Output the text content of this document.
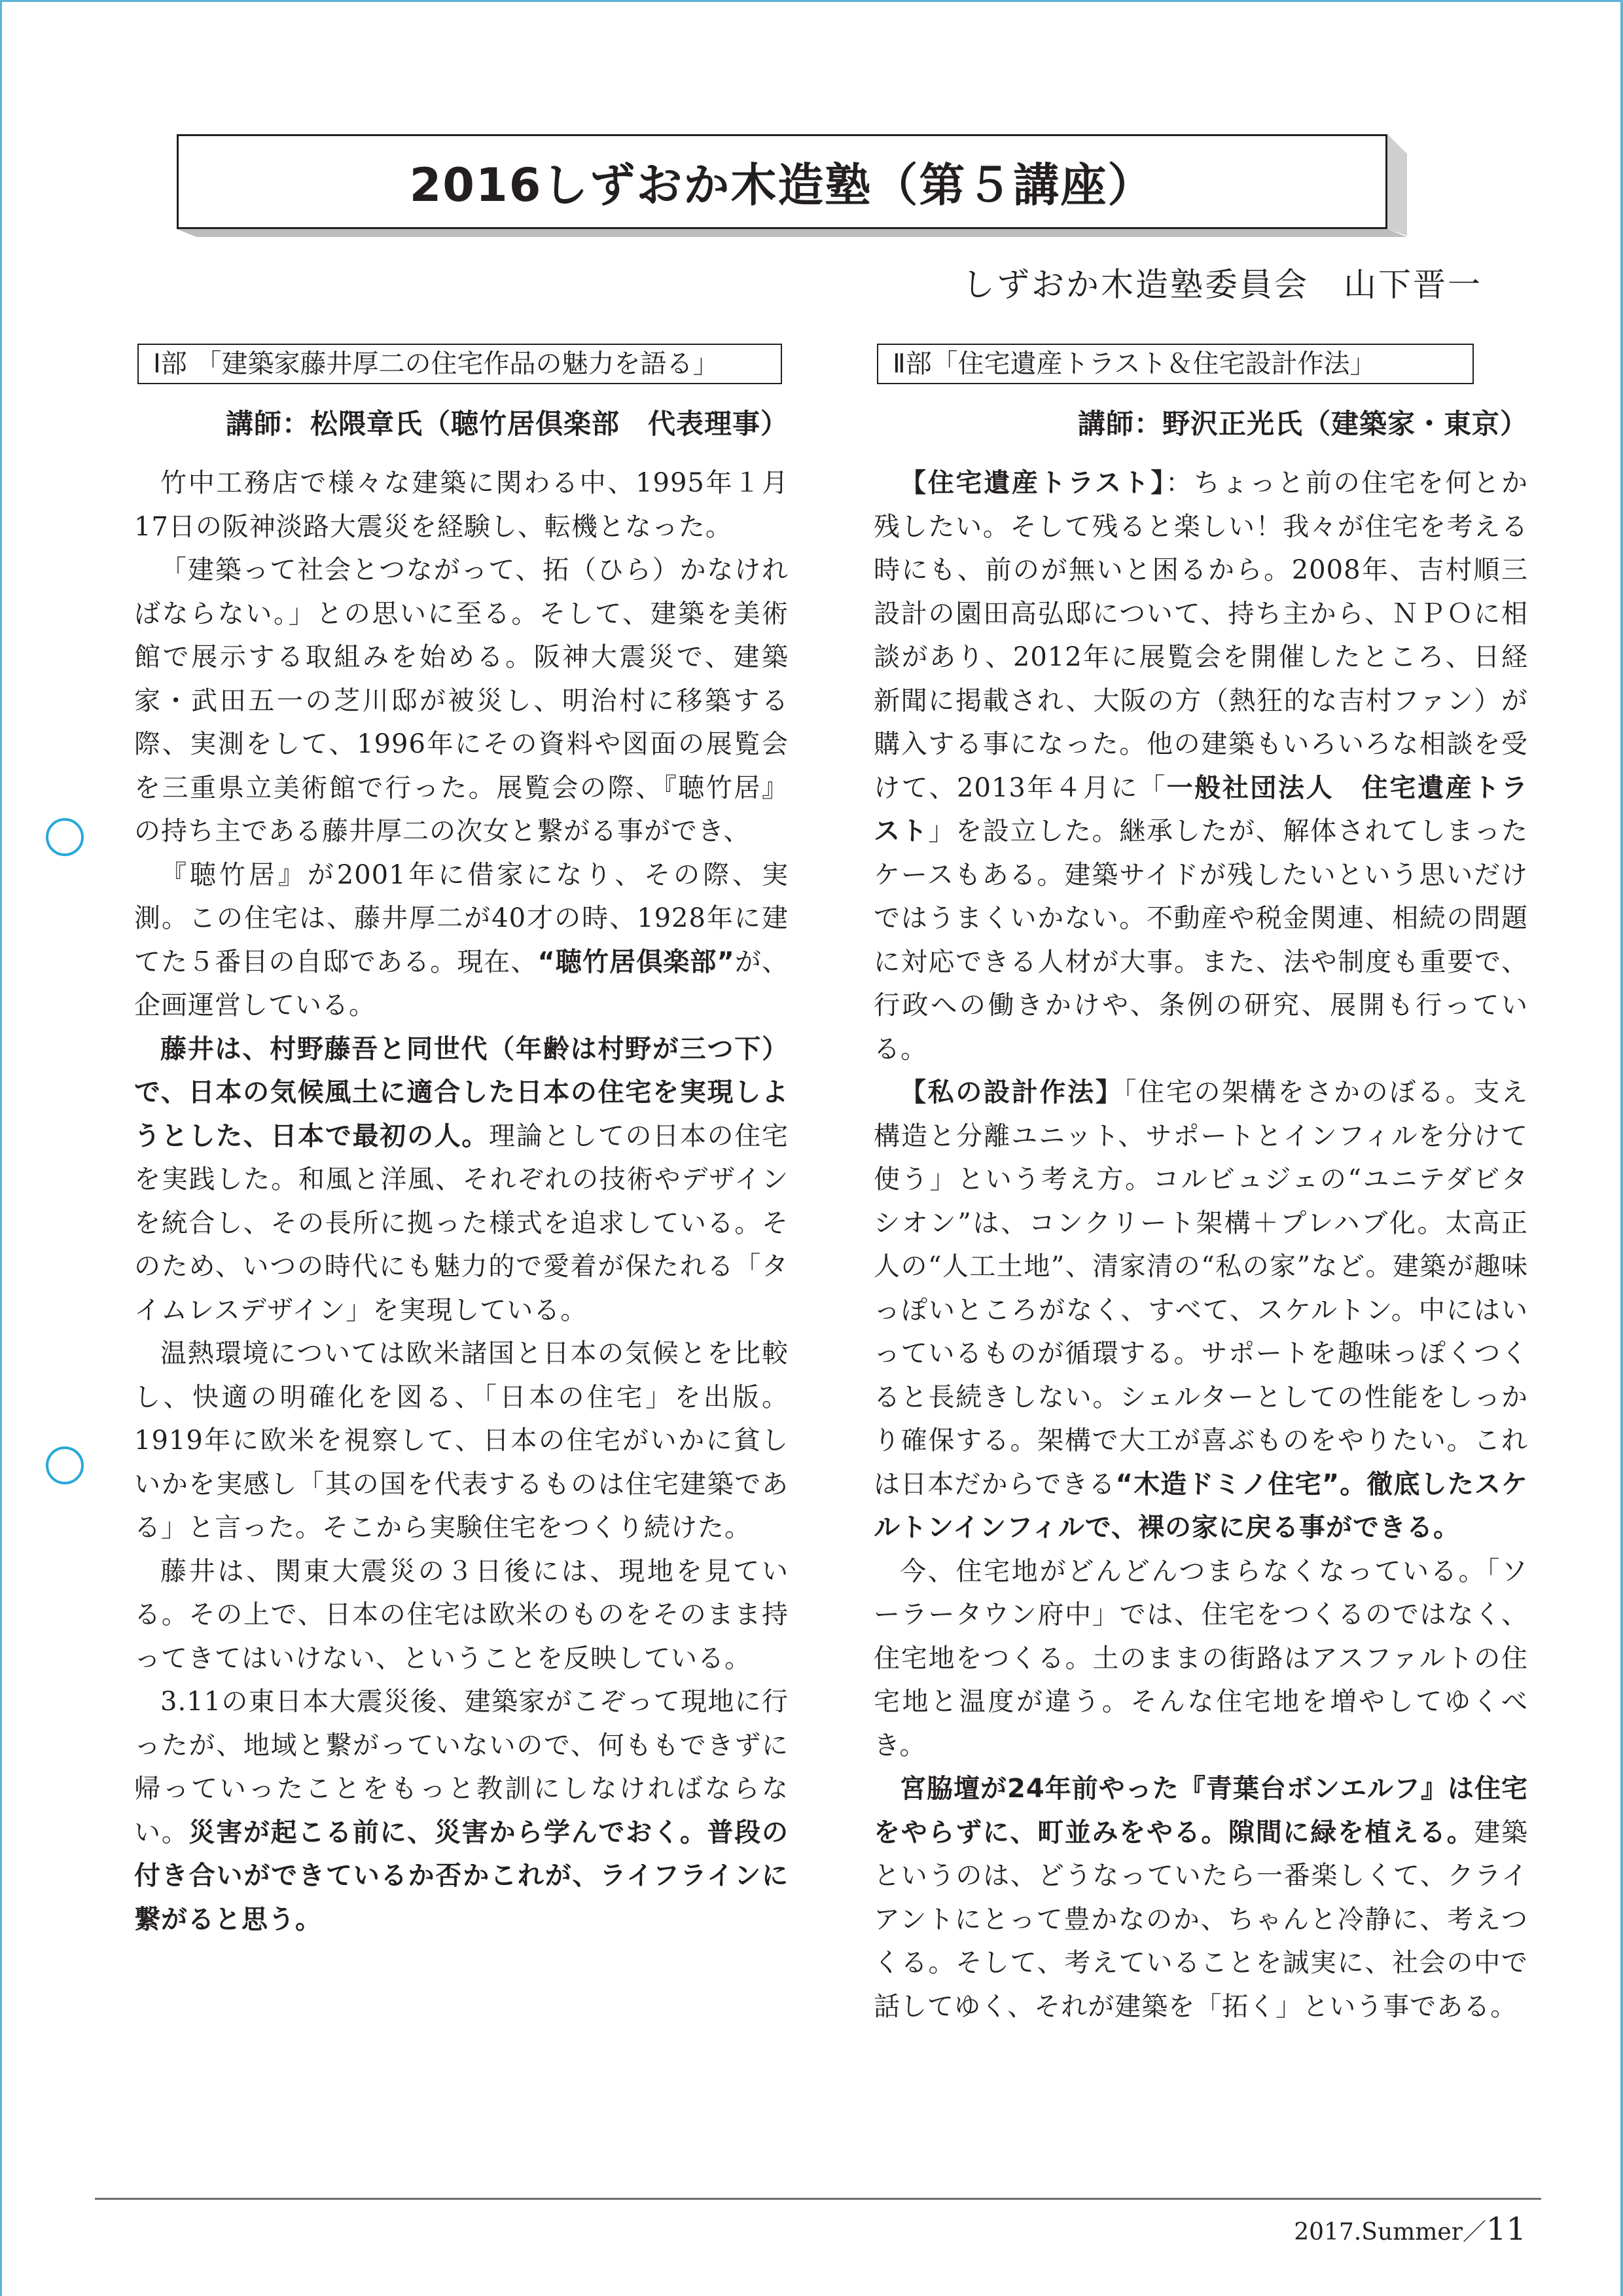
2016しずおか木造塾（第５講座）
しずおか木造塾委員会　山下晋一
Ⅰ部 「建築家藤井厚二の住宅作品の魅力を語る」
講師：松隈章氏（聴竹居倶楽部　代表理事）

竹中工務店で様々な建築に関わる中、1995年１月17日の阪神淡路大震災を経験し、転機となった。

「建築って社会とつながって、拓（ひら）かなければならない。」との思いに至る。そして、建築を美術館で展示する取組みを始める。阪神大震災で、建築家・武田五一の芝川邸が被災し、明治村に移築する際、実測をして、1996年にその資料や図面の展覧会を三重県立美術館で行った。展覧会の際、『聴竹居』の持ち主である藤井厚二の次女と繋がる事ができ、

『聴竹居』が2001年に借家になり、その際、実測。この住宅は、藤井厚二が40才の時、1928年に建てた５番目の自邸である。現在、“聴竹居倶楽部”が、企画運営している。

藤井は、村野藤吾と同世代（年齢は村野が三つ下）で、日本の気候風土に適合した日本の住宅を実現しようとした、日本で最初の人。理論としての日本の住宅を実践した。和風と洋風、それぞれの技術やデザインを統合し、その長所に拠った様式を追求している。そのため、いつの時代にも魅力的で愛着が保たれる「タイムレスデザイン」を実現している。

温熱環境については欧米諸国と日本の気候とを比較し、快適の明確化を図る、「日本の住宅」を出版。1919年に欧米を視察して、日本の住宅がいかに貧しいかを実感し「其の国を代表するものは住宅建築である」と言った。そこから実験住宅をつくり続けた。

藤井は、関東大震災の３日後には、現地を見ている。その上で、日本の住宅は欧米のものをそのまま持ってきてはいけない、ということを反映している。

3.11の東日本大震災後、建築家がこぞって現地に行ったが、地域と繋がっていないので、何ももできずに帰っていったことをもっと教訓にしなければならない。災害が起こる前に、災害から学んでおく。普段の付き合いができているか否かこれが、ライフラインに繋がると思う。

Ⅱ部「住宅遺産トラスト＆住宅設計作法」
講師：野沢正光氏（建築家・東京）

【住宅遺産トラスト】：ちょっと前の住宅を何とか残したい。そして残ると楽しい！我々が住宅を考える時にも、前のが無いと困るから。2008年、吉村順三設計の園田高弘邸について、持ち主から、ＮＰＯに相談があり、2012年に展覧会を開催したところ、日経新聞に掲載され、大阪の方（熱狂的な吉村ファン）が購入する事になった。他の建築もいろいろな相談を受けて、2013年４月に「一般社団法人　住宅遺産トラスト」を設立した。継承したが、解体されてしまったケースもある。建築サイドが残したいという思いだけではうまくいかない。不動産や税金関連、相続の問題に対応できる人材が大事。また、法や制度も重要で、行政への働きかけや、条例の研究、展開も行っている。

【私の設計作法】「住宅の架構をさかのぼる。支え構造と分離ユニット、サポートとインフィルを分けて使う」という考え方。コルビュジェの“ユニテダビタシオン”は、コンクリート架構＋プレハブ化。太高正人の“人工土地”、清家清の“私の家”など。建築が趣味っぽいところがなく、すべて、スケルトン。中にはいっているものが循環する。サポートを趣味っぽくつくると長続きしない。シェルターとしての性能をしっかり確保する。架構で大工が喜ぶものをやりたい。これは日本だからできる“木造ドミノ住宅”。徹底したスケルトンインフィルで、裸の家に戻る事ができる。

今、住宅地がどんどんつまらなくなっている。「ソーラータウン府中」では、住宅をつくるのではなく、住宅地をつくる。土のままの街路はアスファルトの住宅地と温度が違う。そんな住宅地を増やしてゆくべき。

宮脇壇が24年前やった『青葉台ボンエルフ』は住宅をやらずに、町並みをやる。隙間に緑を植える。建築というのは、どうなっていたら一番楽しくて、クライアントにとって豊かなのか、ちゃんと冷静に、考えつくる。そして、考えていることを誠実に、社会の中で話してゆく、それが建築を「拓く」という事である。

2017.Summer／11
